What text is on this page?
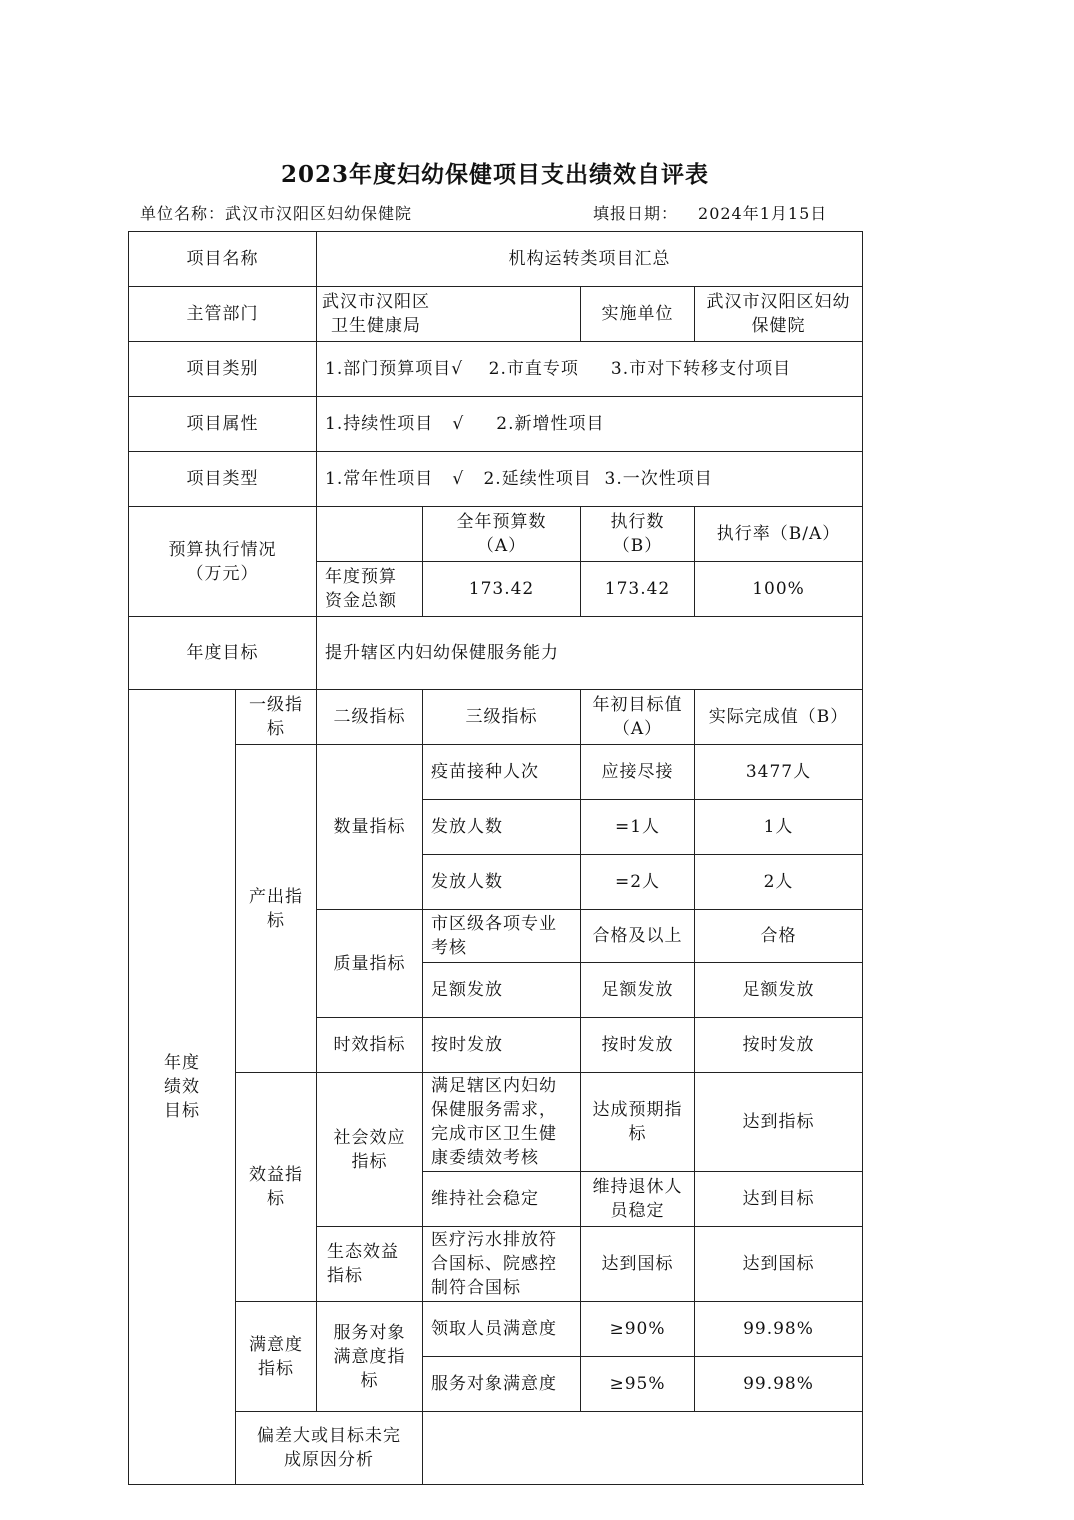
2023年度妇幼保健项目支出绩效自评表
单位名称：武汉市汉阳区妇幼保健院	填报日期： 2024年1月15日
项目名称		机构运转类项目汇总			
主管部门		武汉市汉阳区卫生健康局		实施单位	武汉市汉阳区妇幼保健院
项目类别		1.部门预算项目√    2.市直专项     3.市对下转移支付项目			
项目属性		1.持续性项目   √     2.新增性项目			
项目类型		1.常年性项目   √   2.延续性项目  3.一次性项目			
预算执行情况（万元）			全年预算数（A）	执行数（B）	执行率（B/A）
		年度预算资金总额	173.42	173.42	100%
年度目标		提升辖区内妇幼保健服务能力			
年度绩效目标	一级指标	二级指标	三级指标	年初目标值（A）	实际完成值（B）
	产出指标	数量指标	疫苗接种人次	应接尽接	3477人
			发放人数	=1人	1人
			发放人数	=2人	2人
		质量指标	市区级各项专业考核	合格及以上	合格
			足额发放	足额发放	足额发放
		时效指标	按时发放	按时发放	按时发放
	效益指标	社会效应指标	满足辖区内妇幼保健服务需求，完成市区卫生健康委绩效考核	达成预期指标	达到指标
			维持社会稳定	维持退休人员稳定	达到目标
		生态效益指标	医疗污水排放符合国标、院感控制符合国标	达到国标	达到国标
	满意度指标	服务对象满意度指标	领取人员满意度	≥90%	99.98%
			服务对象满意度	≥95%	99.98%
	偏差大或目标未完成原因分析				
